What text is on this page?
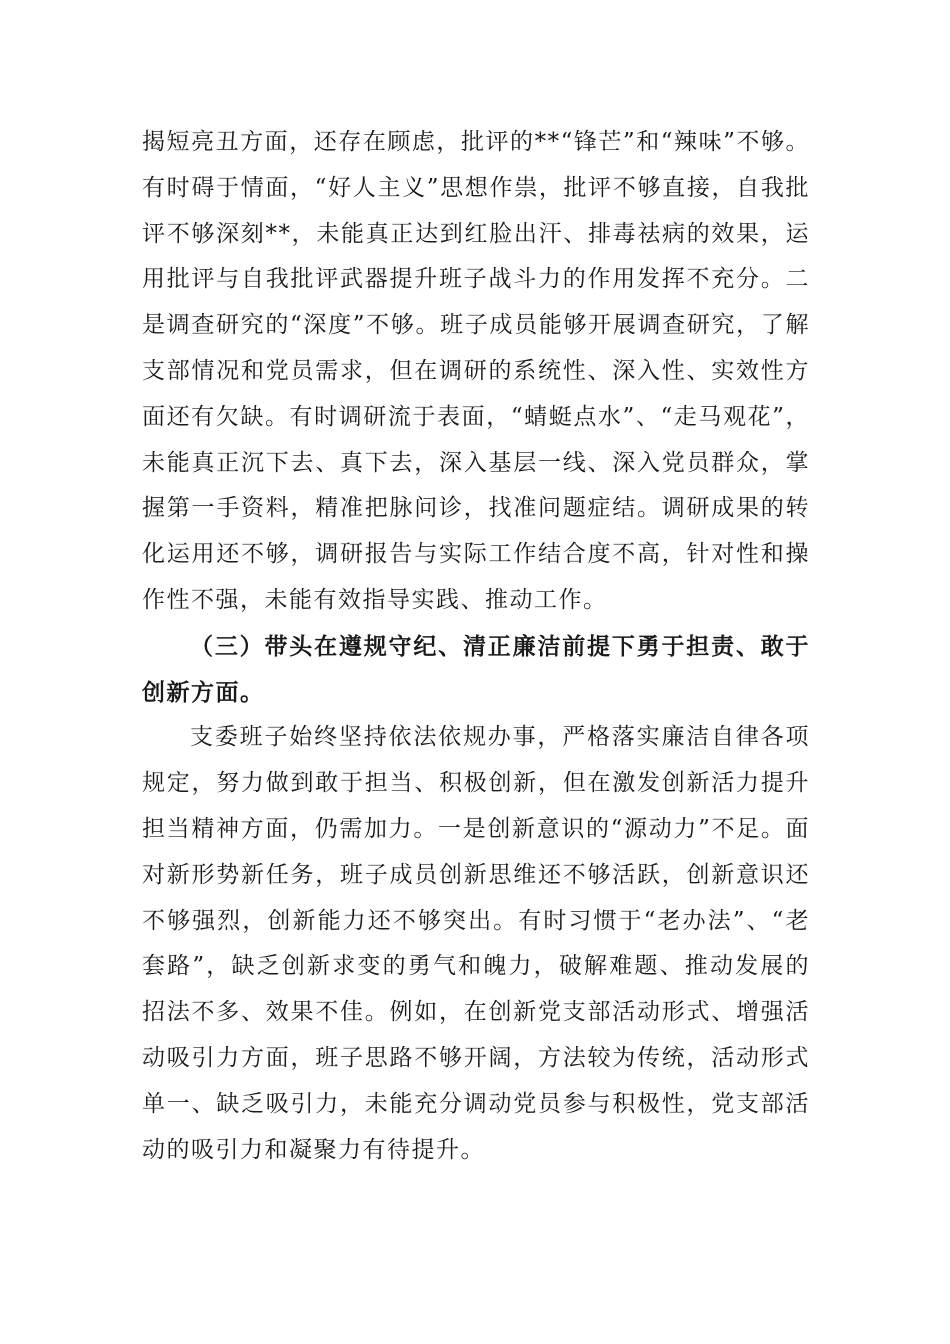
揭短亮丑方面，还存在顾虑，批评的**“锋芒”和“辣味”不够。有时碍于情面，“好人主义”思想作祟，批评不够直接，自我批评不够深刻**，未能真正达到红脸出汗、排毒祛病的效果，运用批评与自我批评武器提升班子战斗力的作用发挥不充分。二是调查研究的“深度”不够。班子成员能够开展调查研究，了解支部情况和党员需求，但在调研的系统性、深入性、实效性方面还有欠缺。有时调研流于表面，“蜻蜓点水”、“走马观花”，未能真正沉下去、真下去，深入基层一线、深入党员群众，掌握第一手资料，精准把脉问诊，找准问题症结。调研成果的转化运用还不够，调研报告与实际工作结合度不高，针对性和操作性不强，未能有效指导实践、推动工作。

（三）带头在遵规守纪、清正廉洁前提下勇于担责、敢于创新方面。

支委班子始终坚持依法依规办事，严格落实廉洁自律各项规定，努力做到敢于担当、积极创新，但在激发创新活力提升担当精神方面，仍需加力。一是创新意识的“源动力”不足。面对新形势新任务，班子成员创新思维还不够活跃，创新意识还不够强烈，创新能力还不够突出。有时习惯于“老办法”、“老套路”，缺乏创新求变的勇气和魄力，破解难题、推动发展的招法不多、效果不佳。例如，在创新党支部活动形式、增强活动吸引力方面，班子思路不够开阔，方法较为传统，活动形式单一、缺乏吸引力，未能充分调动党员参与积极性，党支部活动的吸引力和凝聚力有待提升。
